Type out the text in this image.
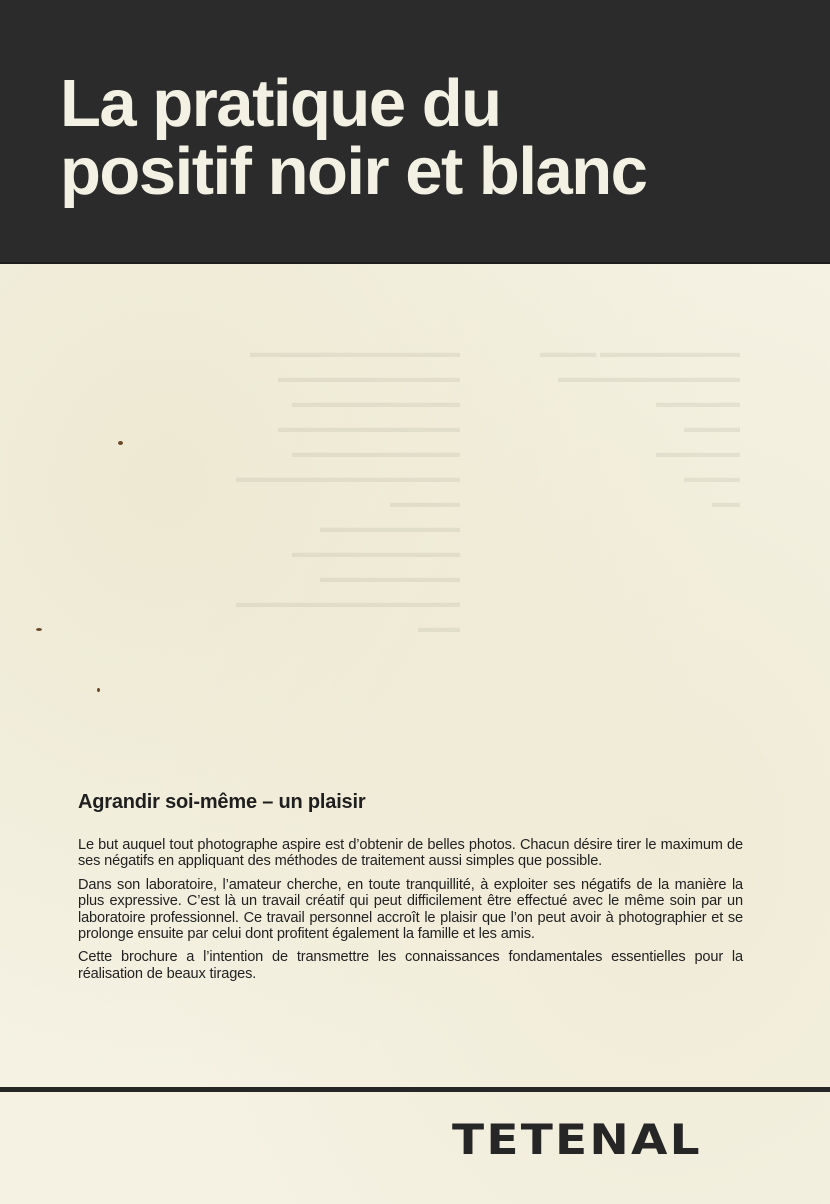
La pratique du
positif noir et blanc
▬▬▬▬▬▬▬▬▬▬ ▬▬▬▬
▬▬▬▬▬▬▬▬▬▬▬▬▬
▬▬▬▬▬▬
▬▬▬▬
▬▬▬▬▬▬
▬▬▬▬
▬▬
▬▬▬▬▬▬▬▬▬▬▬▬▬▬▬
▬▬▬▬▬▬▬▬▬▬▬▬▬
▬▬▬▬▬▬▬▬▬▬▬▬
▬▬▬▬▬▬▬▬▬▬▬▬▬
▬▬▬▬▬▬▬▬▬▬▬▬
▬▬▬▬▬▬▬▬▬▬▬▬▬▬▬▬
▬▬▬▬▬
▬▬▬▬▬▬▬▬▬▬
▬▬▬▬▬▬▬▬▬▬▬▬
▬▬▬▬▬▬▬▬▬▬
▬▬▬▬▬▬▬▬▬▬▬▬▬▬▬▬
▬▬▬
Agrandir soi-même – un plaisir

Le but auquel tout photographe aspire est d’obtenir de belles photos. Chacun désire tirer le maximum de ses négatifs en appliquant des méthodes de traitement aussi simples que possible.

Dans son laboratoire, l’amateur cherche, en toute tranquillité, à exploiter ses négatifs de la manière la plus expressive. C’est là un travail créatif qui peut difficilement être effectué avec le même soin par un laboratoire professionnel. Ce travail personnel accroît le plaisir que l’on peut avoir à photographier et se prolonge ensuite par celui dont profitent également la famille et les amis.

Cette brochure a l’intention de transmettre les connaissances fondamentales essentielles pour la réalisation de beaux tirages.

TETENAL
